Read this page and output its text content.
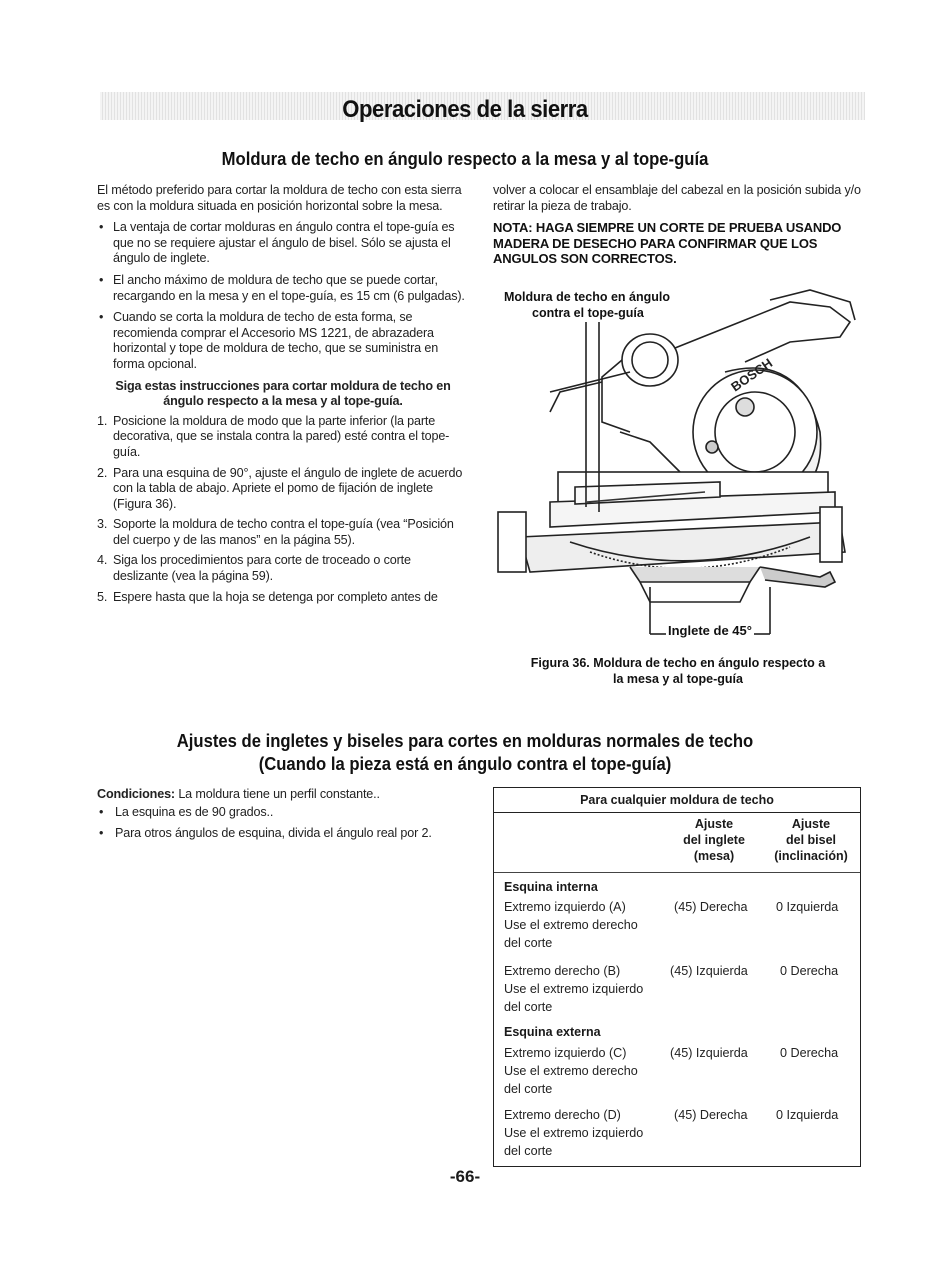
Operaciones de la sierra
Moldura de techo en ángulo respecto a la mesa y al tope-guía

El método preferido para cortar la moldura de techo con esta sierra es con la moldura situada en posición horizontal sobre la mesa.

• La ventaja de cortar molduras en ángulo contra el tope-guía es que no se requiere ajustar el ángulo de bisel. Sólo se ajusta el ángulo de inglete.
• El ancho máximo de moldura de techo que se puede cortar, recargando en la mesa y en el tope-guía, es 15 cm (6 pulgadas).
• Cuando se corta la moldura de techo de esta forma, se recomienda comprar el Accesorio MS 1221, de abrazadera horizontal y tope de moldura de techo, que se suministra en forma opcional.
Siga estas instrucciones para cortar moldura de techo en ángulo respecto a la mesa y al tope-guía.
1. Posicione la moldura de modo que la parte inferior (la parte decorativa, que se instala contra la pared) esté contra el tope-guía.
2. Para una esquina de 90°, ajuste el ángulo de inglete de acuerdo con la tabla de abajo. Apriete el pomo de fijación de inglete (Figura 36).
3. Soporte la moldura de techo contra el tope-guía (vea “Posición del cuerpo y de las manos” en la página 55).
4. Siga los procedimientos para corte de troceado o corte deslizante (vea la página 59).
5. Espere hasta que la hoja se detenga por completo antes de

volver a colocar el ensamblaje del cabezal en la posición subida y/o retirar la pieza de trabajo.

NOTA: HAGA SIEMPRE UN CORTE DE PRUEBA USANDO MADERA DE DESECHO PARA CONFIRMAR QUE LOS ANGULOS SON CORRECTOS.
Moldura de techo en ángulo
contra el tope-guía
BOSCH
Inglete de 45°
Figura 36. Moldura de techo en ángulo respecto a
la mesa y al tope-guía
Ajustes de ingletes y biseles para cortes en molduras normales de techo
(Cuando la pieza está en ángulo contra el tope-guía)
Condiciones: La moldura tiene un perfil constante..
• La esquina es de 90 grados..
• Para otros ángulos de esquina, divida el ángulo real por 2.
Para cualquier moldura de techo
Ajuste
del inglete
(mesa)
Ajuste
del bisel
(inclinación)
Esquina interna
Extremo izquierdo (A)
Use el extremo derecho
del corte
(45) Derecha 0 Izquierda
Extremo derecho (B)
Use el extremo izquierdo
del corte
(45) Izquierda	0 Derecha
Esquina externa
Extremo izquierdo (C)
Use el extremo derecho
del corte
(45) Izquierda	0 Derecha
Extremo derecho (D)
Use el extremo izquierdo
del corte
(45) Derecha 0 Izquierda
-66-
